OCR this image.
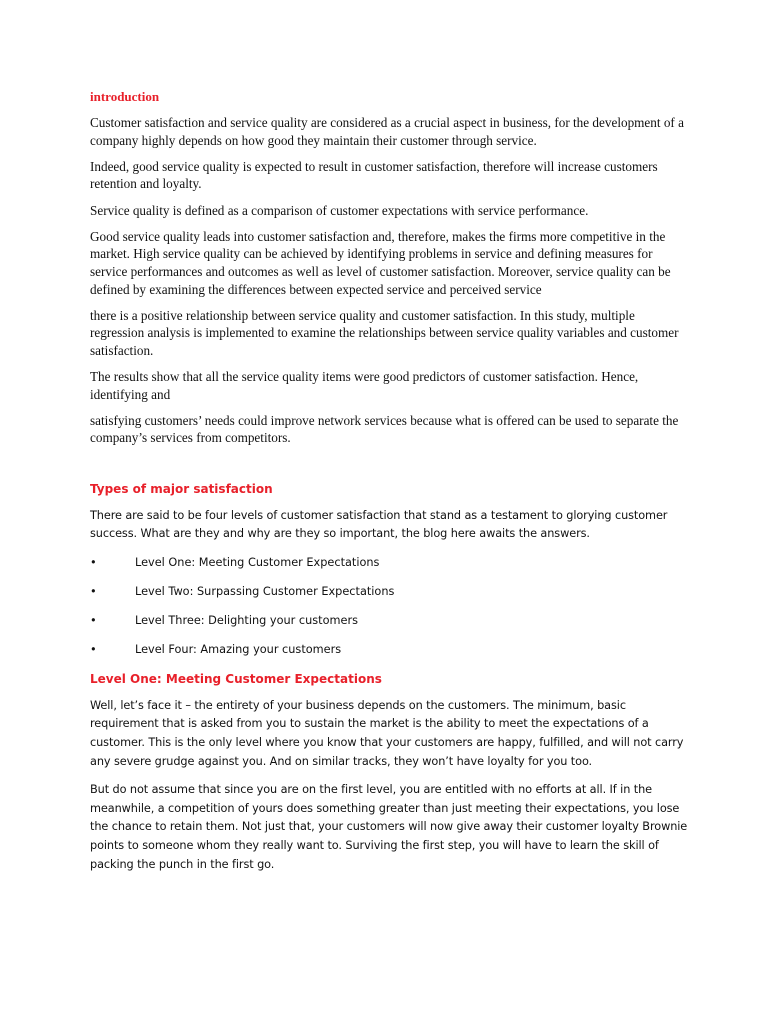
introduction

Customer satisfaction and service quality are considered as a crucial aspect in business, for the development of a company highly depends on how good they maintain their customer through service.

Indeed, good service quality is expected to result in customer satisfaction, therefore will increase customers retention and loyalty.

Service quality is defined as a comparison of customer expectations with service performance.

Good service quality leads into customer satisfaction and, therefore, makes the firms more competitive in the market. High service quality can be achieved by identifying problems in service and defining measures for service performances and outcomes as well as level of customer satisfaction. Moreover, service quality can be defined by examining the differences between expected service and perceived service

there is a positive relationship between service quality and customer satisfaction. In this study, multiple regression analysis is implemented to examine the relationships between service quality variables and customer satisfaction.

The results show that all the service quality items were good predictors of customer satisfaction. Hence, identifying and

satisfying customers’ needs could improve network services because what is offered can be used to separate the company’s services from competitors.

Types of major satisfaction

There are said to be four levels of customer satisfaction that stand as a testament to glorying customer success. What are they and why are they so important, the blog here awaits the answers.

•	Level One: Meeting Customer Expectations
•	Level Two: Surpassing Customer Expectations
•	Level Three: Delighting your customers
•	Level Four: Amazing your customers
Level One: Meeting Customer Expectations

Well, let’s face it – the entirety of your business depends on the customers. The minimum, basic requirement that is asked from you to sustain the market is the ability to meet the expectations of a customer. This is the only level where you know that your customers are happy, fulfilled, and will not carry any severe grudge against you. And on similar tracks, they won’t have loyalty for you too.

But do not assume that since you are on the first level, you are entitled with no efforts at all. If in the meanwhile, a competition of yours does something greater than just meeting their expectations, you lose the chance to retain them. Not just that, your customers will now give away their customer loyalty Brownie points to someone whom they really want to. Surviving the first step, you will have to learn the skill of packing the punch in the first go.
